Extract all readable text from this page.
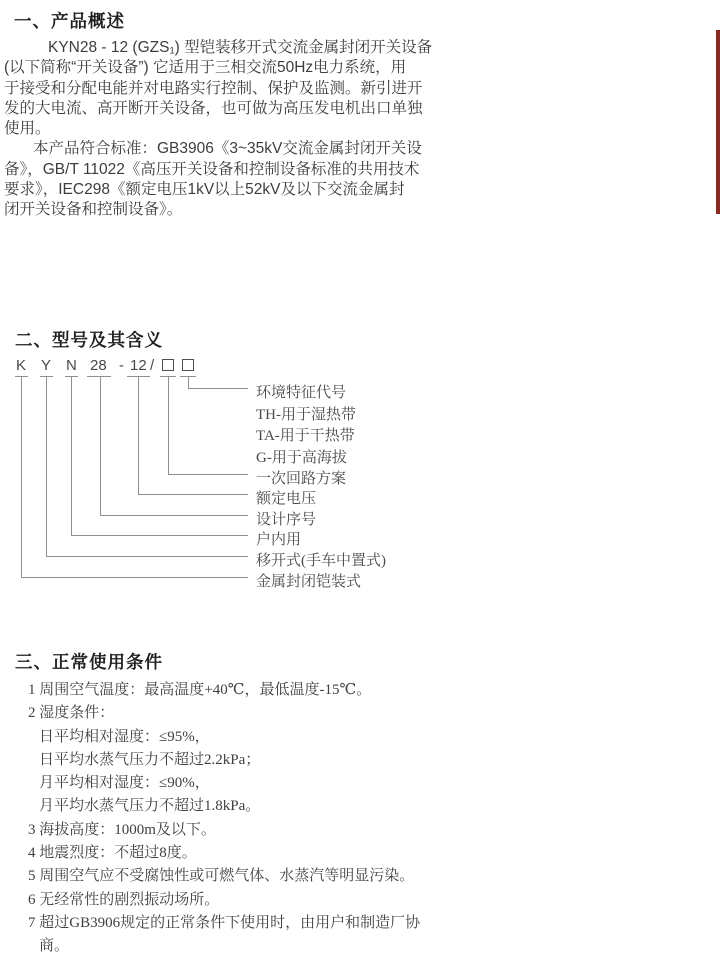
一、产品概述
KYN28 - 12 (GZS₁) 型铠装移开式交流金属封闭开关设备
(以下简称“开关设备”) 它适用于三相交流50Hz电力系统，用
于接受和分配电能并对电路实行控制、保护及监测。新引进开
发的大电流、高开断开关设备，也可做为高压发电机出口单独
使用。
本产品符合标准：GB3906《3~35kV交流金属封闭开关设
备》，GB/T 11022《高压开关设备和控制设备标准的共用技术
要求》，IEC298《额定电压1kV以上52kV及以下交流金属封
闭开关设备和控制设备》。
二、型号及其含义
K Y N 28 - 12 /
环境特征代号
TH-用于湿热带
TA-用于干热带
G-用于高海拔
一次回路方案
额定电压
设计序号
户内用
移开式(手车中置式)
金属封闭铠装式
三、正常使用条件
1 周围空气温度：最高温度+40℃，最低温度-15℃。
2 湿度条件：
日平均相对湿度：≤95%，
日平均水蒸气压力不超过2.2kPa；
月平均相对湿度：≤90%，
月平均水蒸气压力不超过1.8kPa。
3 海拔高度：1000m及以下。
4 地震烈度：不超过8度。
5 周围空气应不受腐蚀性或可燃气体、水蒸汽等明显污染。
6 无经常性的剧烈振动场所。
7 超过GB3906规定的正常条件下使用时，由用户和制造厂协
商。
